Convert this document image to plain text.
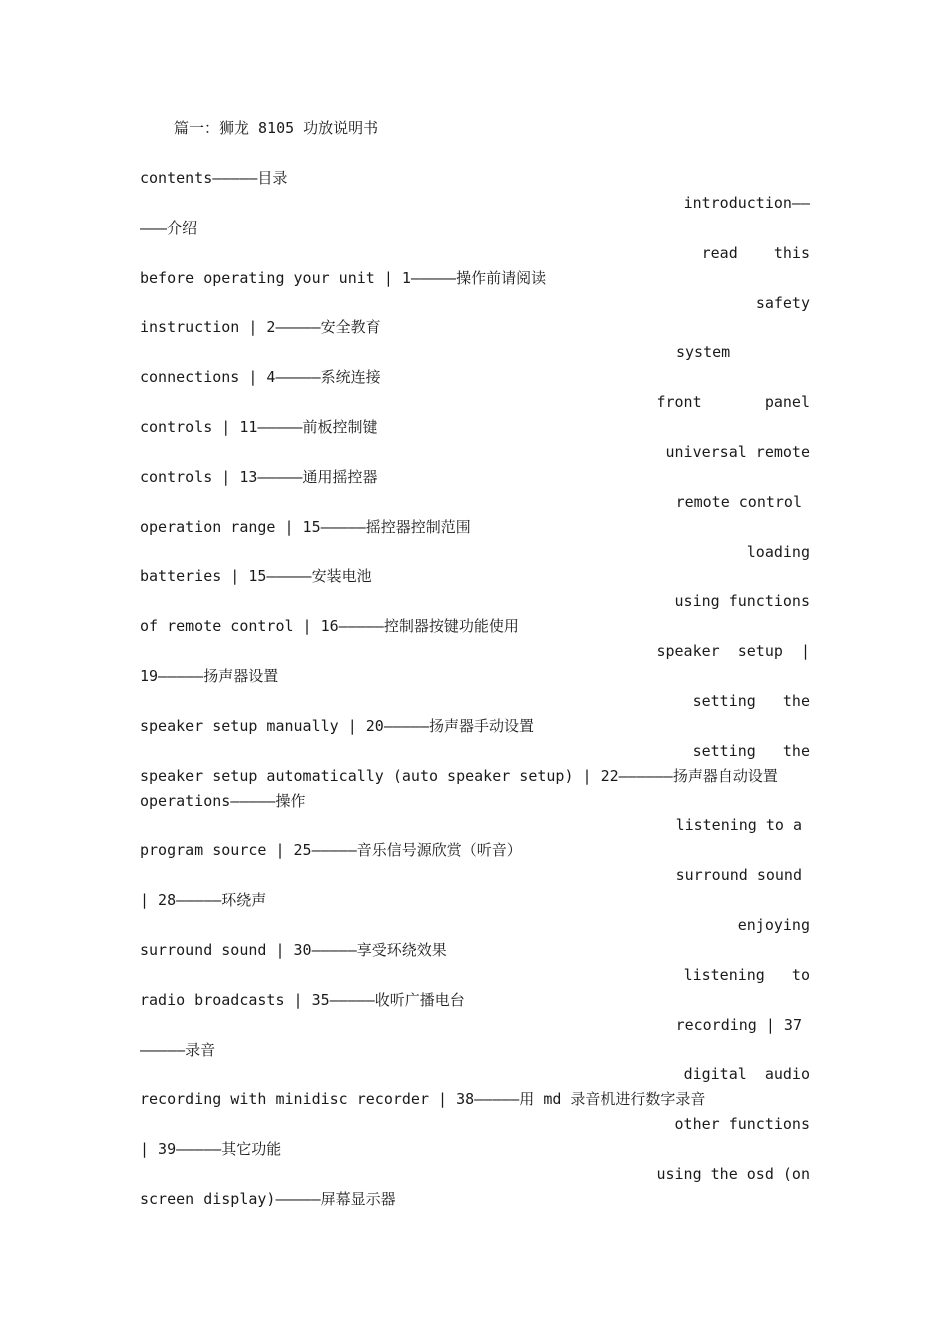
篇一：狮龙 8105 功放说明书
contents—————目录
introduction——
———介绍
read    this
before operating your unit | 1—————操作前请阅读
safety
instruction | 2—————安全教育
system
connections | 4—————系统连接
front       panel
controls | 11—————前板控制键
universal remote
controls | 13—————通用摇控器
remote control
operation range | 15—————摇控器控制范围
loading
batteries | 15—————安装电池
using functions
of remote control | 16—————控制器按键功能使用
speaker  setup  |
19—————扬声器设置
setting   the
speaker setup manually | 20—————扬声器手动设置
setting   the
speaker setup automatically (auto speaker setup) | 22——————扬声器自动设置
operations—————操作
listening to a
program source | 25—————音乐信号源欣赏（听音）
surround sound
| 28—————环绕声
enjoying
surround sound | 30—————享受环绕效果
listening   to
radio broadcasts | 35—————收听广播电台
recording | 37
—————录音
digital  audio
recording with minidisc recorder | 38—————用 md 录音机进行数字录音
other functions
| 39—————其它功能
using the osd (on
screen display)—————屏幕显示器
